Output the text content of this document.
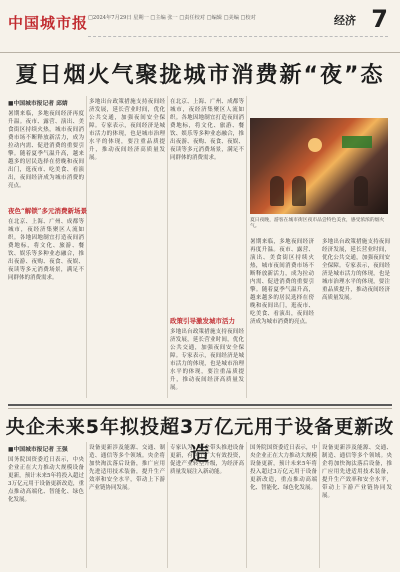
中国城市报 □2024年7月29日 星期一 □主编 张一 □责任校对 □编辑 □美编 □校对	经济 7
夏日烟火气聚拢城市消费新“夜”态
■中国城市报记者 邱婧
暑期来临，多地夜间经济再度升温。夜市、露营、演出、美食街区持续火热，城市夜间消费市场不断释放新活力，成为拉动内需、促进消费的重要引擎。随着夏季气温升高，越来越多的居民选择在傍晚和夜间出门，逛夜市、吃美食、看演出，夜间经济成为城市消费的亮点。
夜色“解锁”多元消费新场景
在北京、上海、广州、成都等城市，夜经济集聚区人流如织。各地因地制宜打造夜间消费地标，将文化、旅游、餐饮、娱乐等多种业态融合，推出夜游、夜购、夜食、夜娱、夜读等多元消费场景，满足不同群体的消费需求。
多地出台政策措施支持夜间经济发展，延长营业时间，优化公共交通，加强夜间安全保障。专家表示，夜间经济是城市活力的体现，也是城市治理水平的体现，要注重品质提升，推动夜间经济高质量发展。
政策引导激发城市活力
在北京、上海、广州、成都等城市，夜经济集聚区人流如织。各地因地制宜打造夜间消费地标，将文化、旅游、餐饮、娱乐等多种业态融合，推出夜游、夜购、夜食、夜娱、夜读等多元消费场景，满足不同群体的消费需求。
多地出台政策措施支持夜间经济发展，延长营业时间，优化公共交通，加强夜间安全保障。专家表示，夜间经济是城市活力的体现，也是城市治理水平的体现，要注重品质提升，推动夜间经济高质量发展。
夏日夜晚，游客在城市街区夜市品尝特色美食，感受浓浓的烟火气。
暑期来临，多地夜间经济再度升温。夜市、露营、演出、美食街区持续火热，城市夜间消费市场不断释放新活力，成为拉动内需、促进消费的重要引擎。随着夏季气温升高，越来越多的居民选择在傍晚和夜间出门，逛夜市、吃美食、看演出，夜间经济成为城市消费的亮点。
多地出台政策措施支持夜间经济发展，延长营业时间，优化公共交通，加强夜间安全保障。专家表示，夜间经济是城市活力的体现，也是城市治理水平的体现，要注重品质提升，推动夜间经济高质量发展。
央企未来5年拟投超3万亿元用于设备更新改造
■中国城市报记者 王强
国务院国资委近日表示，中央企业正在大力推动大规模设备更新，预计未来5年将投入超过3万亿元用于设备更新改造，重点推动高端化、智能化、绿色化发展。
设备更新涉及能源、交通、制造、通信等多个领域。央企将加快淘汰落后设备，推广应用先进适用技术装备，提升生产效率和安全水平，带动上下游产业链协同发展。
专家认为，央企带头推进设备更新，有利于扩大有效投资，促进产业转型升级，为经济高质量发展注入新动能。
国务院国资委近日表示，中央企业正在大力推动大规模设备更新，预计未来5年将投入超过3万亿元用于设备更新改造，重点推动高端化、智能化、绿色化发展。
设备更新涉及能源、交通、制造、通信等多个领域。央企将加快淘汰落后设备，推广应用先进适用技术装备，提升生产效率和安全水平，带动上下游产业链协同发展。
